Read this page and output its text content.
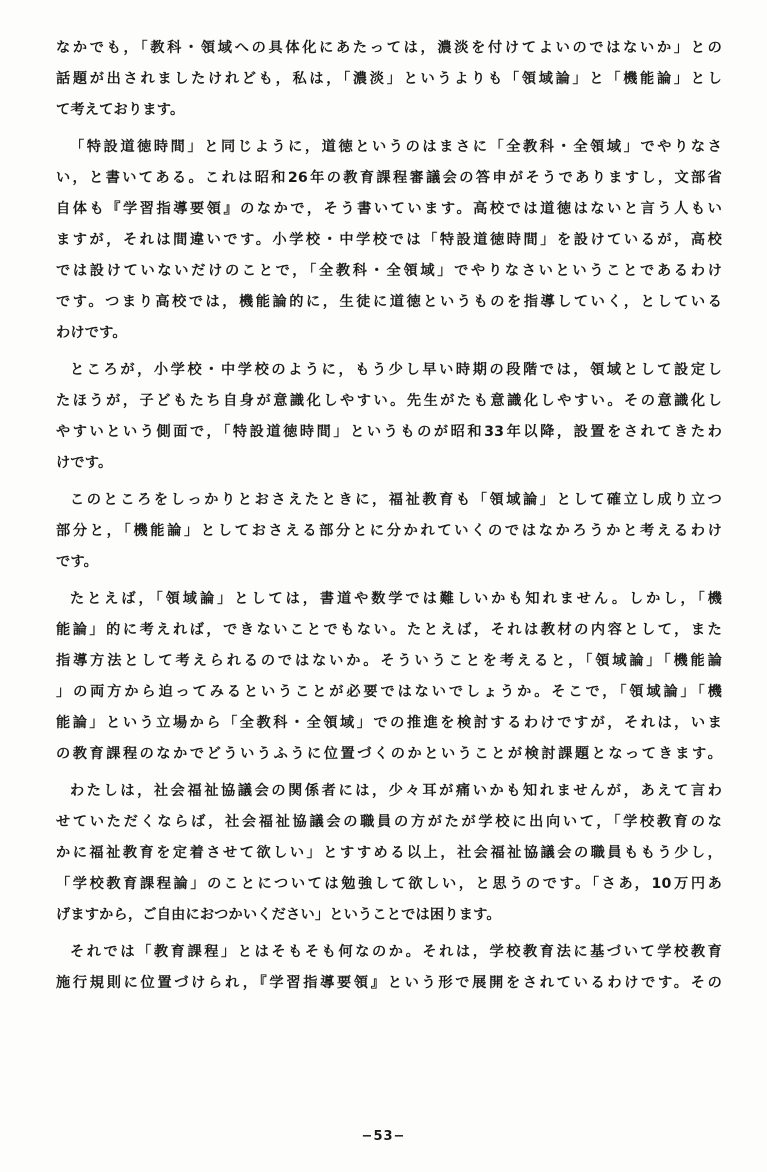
なかでも，「教科・領域への具体化にあたっては，濃淡を付けてよいのではないか」との
話題が出されましたけれども，私は，「濃淡」というよりも「領域論」と「機能論」とし
て考えております。
「特設道徳時間」と同じように，道徳というのはまさに「全教科・全領域」でやりなさ
い，と書いてある。これは昭和26年の教育課程審議会の答申がそうでありますし，文部省
自体も『学習指導要領』のなかで，そう書いています。高校では道徳はないと言う人もい
ますが，それは間違いです。小学校・中学校では「特設道徳時間」を設けているが，高校
では設けていないだけのことで，「全教科・全領域」でやりなさいということであるわけ
です。つまり高校では，機能論的に，生徒に道徳というものを指導していく，としている
わけです。
ところが，小学校・中学校のように，もう少し早い時期の段階では，領域として設定し
たほうが，子どもたち自身が意識化しやすい。先生がたも意識化しやすい。その意識化し
やすいという側面で，「特設道徳時間」というものが昭和33年以降，設置をされてきたわ
けです。
このところをしっかりとおさえたときに，福祉教育も「領域論」として確立し成り立つ
部分と，「機能論」としておさえる部分とに分かれていくのではなかろうかと考えるわけ
です。
たとえば，「領域論」としては，書道や数学では難しいかも知れません。しかし，「機
能論」的に考えれば，できないことでもない。たとえば，それは教材の内容として，また
指導方法として考えられるのではないか。そういうことを考えると，「領域論」「機能論
」の両方から迫ってみるということが必要ではないでしょうか。そこで，「領域論」「機
能論」という立場から「全教科・全領域」での推進を検討するわけですが，それは，いま
の教育課程のなかでどういうふうに位置づくのかということが検討課題となってきます。
わたしは，社会福祉協議会の関係者には，少々耳が痛いかも知れませんが，あえて言わ
せていただくならば，社会福祉協議会の職員の方がたが学校に出向いて，「学校教育のな
かに福祉教育を定着させて欲しい」とすすめる以上，社会福祉協議会の職員ももう少し，
「学校教育課程論」のことについては勉強して欲しい，と思うのです。「さあ，10万円あ
げますから，ご自由におつかいください」ということでは困ります。
それでは「教育課程」とはそもそも何なのか。それは，学校教育法に基づいて学校教育
施行規則に位置づけられ，『学習指導要領』という形で展開をされているわけです。その
−53−
